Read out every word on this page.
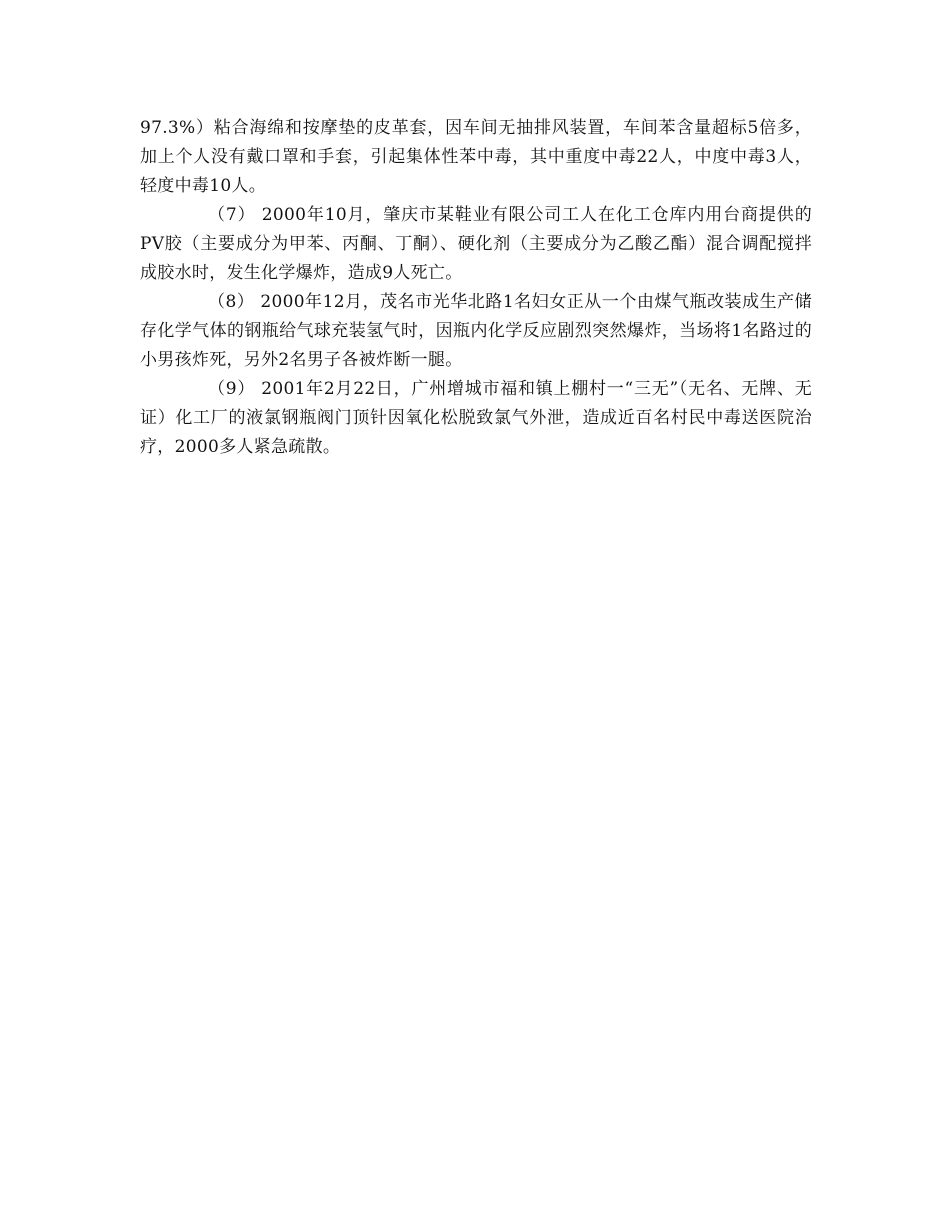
97.3%）粘合海绵和按摩垫的皮革套，因车间无抽排风装置，车间苯含量超标5倍多，加上个人没有戴口罩和手套，引起集体性苯中毒，其中重度中毒22人，中度中毒3人，轻度中毒10人。

（7） 2000年10月，肇庆市某鞋业有限公司工人在化工仓库内用台商提供的PV胶（主要成分为甲苯、丙酮、丁酮）、硬化剂（主要成分为乙酸乙酯）混合调配搅拌成胶水时，发生化学爆炸，造成9人死亡。

（8） 2000年12月，茂名市光华北路1名妇女正从一个由煤气瓶改装成生产储存化学气体的钢瓶给气球充装氢气时，因瓶内化学反应剧烈突然爆炸，当场将1名路过的小男孩炸死，另外2名男子各被炸断一腿。

（9） 2001年2月22日，广州增城市福和镇上棚村一“三无”（无名、无牌、无证）化工厂的液氯钢瓶阀门顶针因氧化松脱致氯气外泄，造成近百名村民中毒送医院治疗，2000多人紧急疏散。
